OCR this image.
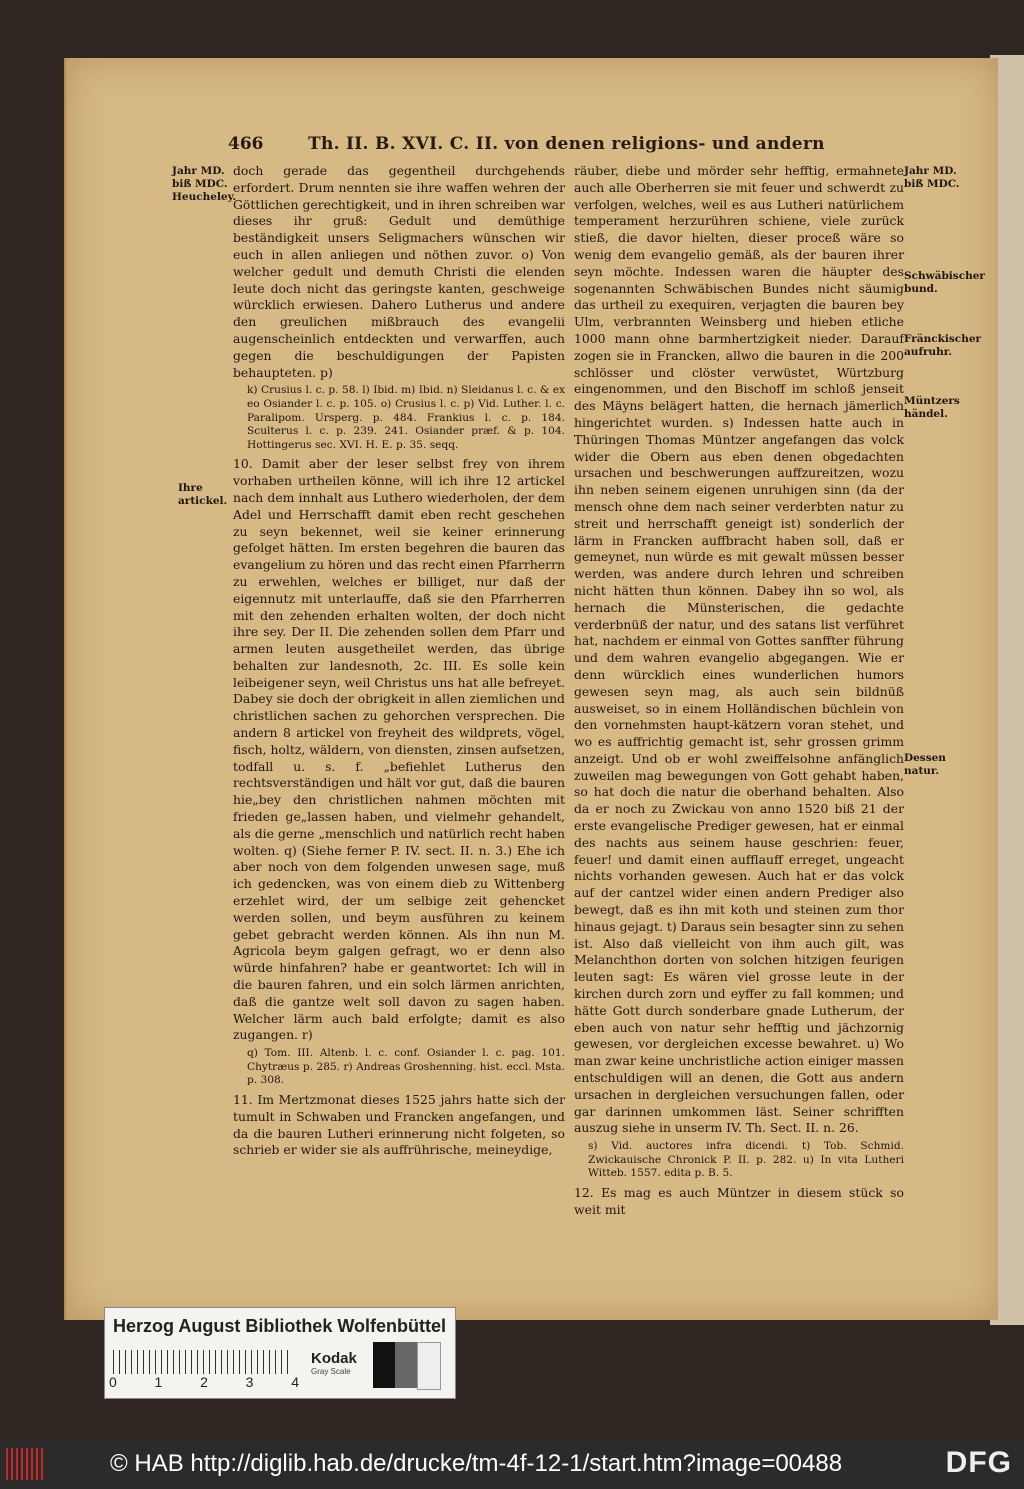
466	Th. II. B. XVI. C. II. von denen religions- und andern
Jahr MD. biß MDC. Heucheley.
Ihre artickel.
Jahr MD. biß MDC.
Schwäbischer bund.
Fränckischer aufruhr.
Müntzers händel.
Dessen natur.

doch gerade das gegentheil durchgehends erfordert. Drum nennten sie ihre waffen wehren der Göttlichen gerechtigkeit, und in ihren schreiben war dieses ihr gruß: Gedult und demüthige beständigkeit unsers Seligmachers wünschen wir euch in allen anliegen und nöthen zuvor. o) Von welcher gedult und demuth Christi die elenden leute doch nicht das geringste kanten, geschweige würcklich erwiesen. Dahero Lutherus und andere den greulichen mißbrauch des evangelii augenscheinlich entdeckten und verwarffen, auch gegen die beschuldigungen der Papisten behaupteten. p)

k) Crusius l. c. p. 58. l) Ibid. m) Ibid. n) Sleidanus l. c. & ex eo Osiander l. c. p. 105. o) Crusius l. c. p) Vid. Luther. l. c. Paralipom. Ursperg. p. 484. Frankius l. c. p. 184. Sculterus l. c. p. 239. 241. Osiander præf. & p. 104. Hottingerus sec. XVI. H. E. p. 35. seqq.

10. Damit aber der leser selbst frey von ihrem vorhaben urtheilen könne, will ich ihre 12 artickel nach dem innhalt aus Luthero wiederholen, der dem Adel und Herrschafft damit eben recht geschehen zu seyn bekennet, weil sie keiner erinnerung gefolget hätten. Im ersten begehren die bauren das evangelium zu hören und das recht einen Pfarrherrn zu erwehlen, welches er billiget, nur daß der eigennutz mit unterlauffe, daß sie den Pfarrherren mit den zehenden erhalten wolten, der doch nicht ihre sey. Der II. Die zehenden sollen dem Pfarr und armen leuten ausgetheilet werden, das übrige behalten zur landesnoth, 2c. III. Es solle kein leibeigener seyn, weil Christus uns hat alle befreyet. Dabey sie doch der obrigkeit in allen ziemlichen und christlichen sachen zu gehorchen versprechen. Die andern 8 artickel von freyheit des wildprets, vögel, fisch, holtz, wäldern, von diensten, zinsen aufsetzen, todfall u. s. f. „befiehlet Lutherus den rechtsverständigen und hält vor gut, daß die bauren hie„bey den christlichen nahmen möchten mit frieden ge„lassen haben, und vielmehr gehandelt, als die gerne „menschlich und natürlich recht haben wolten. q) (Siehe ferner P. IV. sect. II. n. 3.) Ehe ich aber noch von dem folgenden unwesen sage, muß ich gedencken, was von einem dieb zu Wittenberg erzehlet wird, der um selbige zeit gehencket werden sollen, und beym ausführen zu keinem gebet gebracht werden können. Als ihn nun M. Agricola beym galgen gefragt, wo er denn also würde hinfahren? habe er geantwortet: Ich will in die bauren fahren, und ein solch lärmen anrichten, daß die gantze welt soll davon zu sagen haben. Welcher lärm auch bald erfolgte; damit es also zugangen. r)

q) Tom. III. Altenb. l. c. conf. Osiander l. c. pag. 101. Chytræus p. 285. r) Andreas Groshenning. hist. eccl. Msta. p. 308.

11. Im Mertzmonat dieses 1525 jahrs hatte sich der tumult in Schwaben und Francken angefangen, und da die bauren Lutheri erinnerung nicht folgeten, so schrieb er wider sie als auffrührische, meineydige,

räuber, diebe und mörder sehr hefftig, ermahnete auch alle Oberherren sie mit feuer und schwerdt zu verfolgen, welches, weil es aus Lutheri natürlichem temperament herzurühren schiene, viele zurück stieß, die davor hielten, dieser proceß wäre so wenig dem evangelio gemäß, als der bauren ihrer seyn möchte. Indessen waren die häupter des sogenannten Schwäbischen Bundes nicht säumig das urtheil zu exequiren, verjagten die bauren bey Ulm, verbrannten Weinsberg und hieben etliche 1000 mann ohne barmhertzigkeit nieder. Darauf zogen sie in Francken, allwo die bauren in die 200 schlösser und clöster verwüstet, Würtzburg eingenommen, und den Bischoff im schloß jenseit des Mäyns belägert hatten, die hernach jämerlich hingerichtet wurden. s) Indessen hatte auch in Thüringen Thomas Müntzer angefangen das volck wider die Obern aus eben denen obgedachten ursachen und beschwerungen auffzureitzen, wozu ihn neben seinem eigenen unruhigen sinn (da der mensch ohne dem nach seiner verderbten natur zu streit und herrschafft geneigt ist) sonderlich der lärm in Francken auffbracht haben soll, daß er gemeynet, nun würde es mit gewalt müssen besser werden, was andere durch lehren und schreiben nicht hätten thun können. Dabey ihn so wol, als hernach die Münsterischen, die gedachte verderbnüß der natur, und des satans list verführet hat, nachdem er einmal von Gottes sanffter führung und dem wahren evangelio abgegangen. Wie er denn würcklich eines wunderlichen humors gewesen seyn mag, als auch sein bildnüß ausweiset, so in einem Holländischen büchlein von den vornehmsten haupt-kätzern voran stehet, und wo es auffrichtig gemacht ist, sehr grossen grimm anzeigt. Und ob er wohl zweiffelsohne anfänglich zuweilen mag bewegungen von Gott gehabt haben, so hat doch die natur die oberhand behalten. Also da er noch zu Zwickau von anno 1520 biß 21 der erste evangelische Prediger gewesen, hat er einmal des nachts aus seinem hause geschrien: feuer, feuer! und damit einen aufflauff erreget, ungeacht nichts vorhanden gewesen. Auch hat er das volck auf der cantzel wider einen andern Prediger also bewegt, daß es ihn mit koth und steinen zum thor hinaus gejagt. t) Daraus sein besagter sinn zu sehen ist. Also daß vielleicht von ihm auch gilt, was Melanchthon dorten von solchen hitzigen feurigen leuten sagt: Es wären viel grosse leute in der kirchen durch zorn und eyffer zu fall kommen; und hätte Gott durch sonderbare gnade Lutherum, der eben auch von natur sehr hefftig und jächzornig gewesen, vor dergleichen excesse bewahret. u) Wo man zwar keine unchristliche action einiger massen entschuldigen will an denen, die Gott aus andern ursachen in dergleichen versuchungen fallen, oder gar darinnen umkommen läst. Seiner schrifften auszug siehe in unserm IV. Th. Sect. II. n. 26.

s) Vid. auctores infra dicendi. t) Tob. Schmid. Zwickauische Chronick P. II. p. 282. u) In vita Lutheri Witteb. 1557. edita p. B. 5.

12. Es mag es auch Müntzer in diesem stück so weit mit

Herzog August Bibliothek Wolfenbüttel
0	1	2	3	4
Kodak
Gray Scale
© HAB http://diglib.hab.de/drucke/tm-4f-12-1/start.htm?image=00488	DFG
